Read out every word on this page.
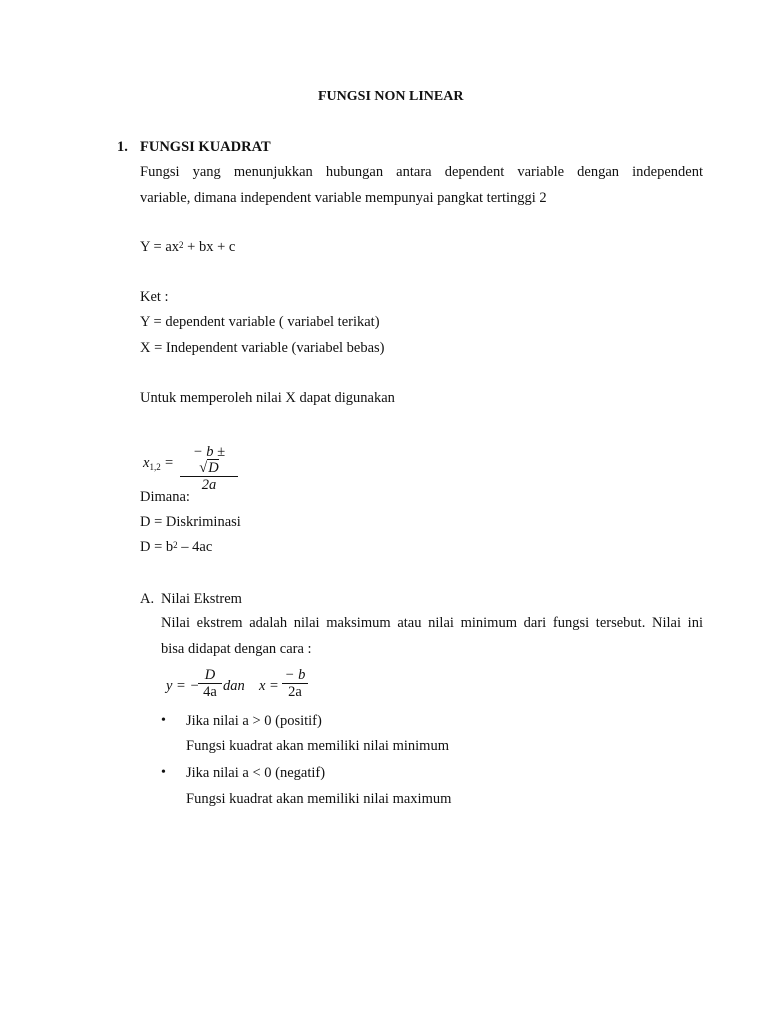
FUNGSI NON LINEAR
1. FUNGSI KUADRAT
Fungsi yang menunjukkan hubungan antara dependent variable dengan independent
variable, dimana independent variable mempunyai pangkat tertinggi 2
$Y = ax^2$ + bx + c
Ket :
Y = dependent variable ( variabel terikat)
X = Independent variable (variabel bebas)
Untuk memperoleh nilai X dapat digunakan
$x_{1,2}$ =
− b ± √D
2a
Dimana:
D = Diskriminasi
$D = b^2 - 4ac$
A. Nilai Ekstrem
Nilai ekstrem adalah nilai maksimum atau nilai minimum dari fungsi tersebut. Nilai ini
bisa didapat dengan cara :
y = −
D
4a dan x =
− b
2a
• Jika nilai a > 0 (positif)
Fungsi kuadrat akan memiliki nilai minimum
• Jika nilai a < 0 (negatif)
Fungsi kuadrat akan memiliki nilai maximum
